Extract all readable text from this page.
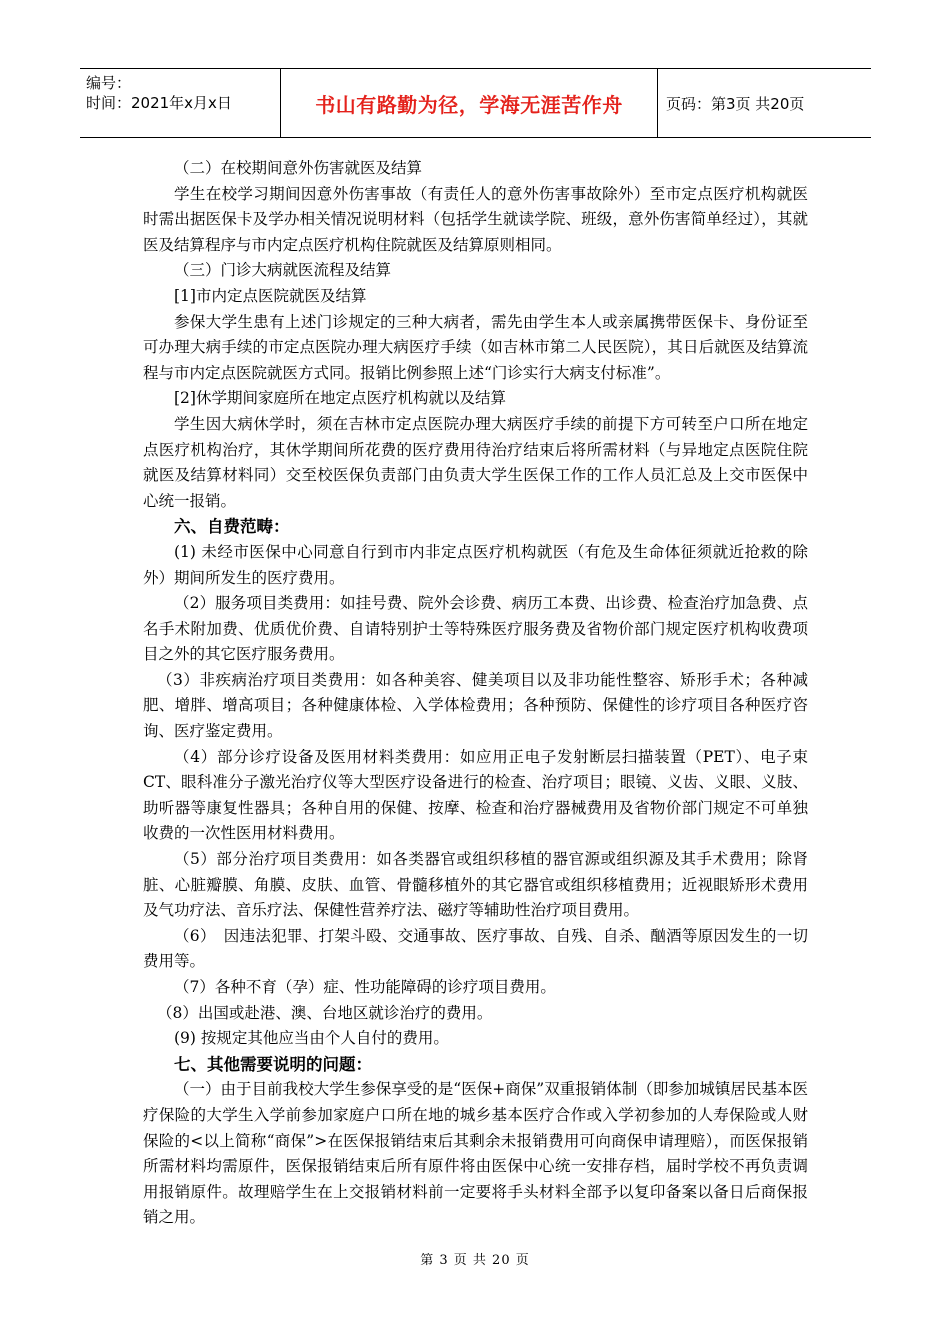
编号：
时间：2021年x月x日	书山有路勤为径，学海无涯苦作舟	页码：第3页 共20页

（二）在校期间意外伤害就医及结算

学生在校学习期间因意外伤害事故（有责任人的意外伤害事故除外）至市定点医疗机构就医时需出据医保卡及学办相关情况说明材料（包括学生就读学院、班级，意外伤害简单经过），其就医及结算程序与市内定点医疗机构住院就医及结算原则相同。

（三）门诊大病就医流程及结算

[1]市内定点医院就医及结算

参保大学生患有上述门诊规定的三种大病者，需先由学生本人或亲属携带医保卡、身份证至可办理大病手续的市定点医院办理大病医疗手续（如吉林市第二人民医院），其日后就医及结算流程与市内定点医院就医方式同。报销比例参照上述“门诊实行大病支付标准”。

[2]休学期间家庭所在地定点医疗机构就以及结算

学生因大病休学时，须在吉林市定点医院办理大病医疗手续的前提下方可转至户口所在地定点医疗机构治疗，其休学期间所花费的医疗费用待治疗结束后将所需材料（与异地定点医院住院就医及结算材料同）交至校医保负责部门由负责大学生医保工作的工作人员汇总及上交市医保中心统一报销。

六、自费范畴：

(1) 未经市医保中心同意自行到市内非定点医疗机构就医（有危及生命体征须就近抢救的除外）期间所发生的医疗费用。

（2）服务项目类费用：如挂号费、院外会诊费、病历工本费、出诊费、检查治疗加急费、点名手术附加费、优质优价费、自请特别护士等特殊医疗服务费及省物价部门规定医疗机构收费项目之外的其它医疗服务费用。

（3）非疾病治疗项目类费用：如各种美容、健美项目以及非功能性整容、矫形手术；各种减肥、增胖、增高项目；各种健康体检、入学体检费用；各种预防、保健性的诊疗项目各种医疗咨询、医疗鉴定费用。

（4）部分诊疗设备及医用材料类费用：如应用正电子发射断层扫描装置（PET）、电子束CT、眼科准分子激光治疗仪等大型医疗设备进行的检查、治疗项目；眼镜、义齿、义眼、义肢、助听器等康复性器具；各种自用的保健、按摩、检查和治疗器械费用及省物价部门规定不可单独收费的一次性医用材料费用。

（5）部分治疗项目类费用：如各类器官或组织移植的器官源或组织源及其手术费用；除肾脏、心脏瓣膜、角膜、皮肤、血管、骨髓移植外的其它器官或组织移植费用；近视眼矫形术费用及气功疗法、音乐疗法、保健性营养疗法、磁疗等辅助性治疗项目费用。

（6）　因违法犯罪、打架斗殴、交通事故、医疗事故、自残、自杀、酗酒等原因发生的一切费用等。

（7）各种不育（孕）症、性功能障碍的诊疗项目费用。

（8）出国或赴港、澳、台地区就诊治疗的费用。

(9) 按规定其他应当由个人自付的费用。

七、其他需要说明的问题：

（一）由于目前我校大学生参保享受的是“医保+商保”双重报销体制（即参加城镇居民基本医疗保险的大学生入学前参加家庭户口所在地的城乡基本医疗合作或入学初参加的人寿保险或人财保险的<以上简称“商保”>在医保报销结束后其剩余未报销费用可向商保申请理赔），而医保报销所需材料均需原件，医保报销结束后所有原件将由医保中心统一安排存档，届时学校不再负责调用报销原件。故理赔学生在上交报销材料前一定要将手头材料全部予以复印备案以备日后商保报销之用。

第 3 页 共 20 页
